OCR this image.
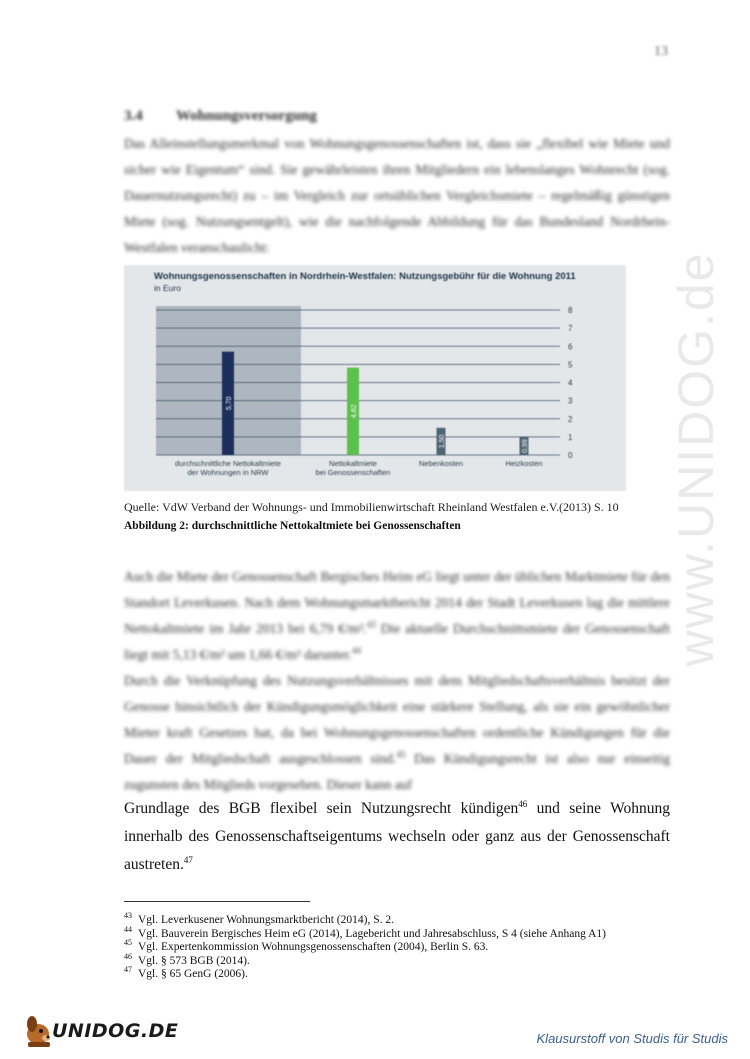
13
3.4 Wohnungsversorgung
Das Alleinstellungsmerkmal von Wohnungsgenossenschaften ist, dass sie „flexibel wie Miete und sicher wie Eigentum“ sind. Sie gewährleisten ihren Mitgliedern ein lebenslanges Wohnrecht (sog. Dauernutzungsrecht) zu – im Vergleich zur ortsüblichen Vergleichsmiete – regelmäßig günstigen Miete (sog. Nutzungsentgelt), wie die nachfolgende Abbildung für das Bundesland Nordrhein-Westfalen veranschaulicht:
Wohnungsgenossenschaften in Nordrhein-Westfalen: Nutzungsgebühr für die Wohnung 2011
in Euro
0
1
2
3
4
5
6
7
8
5,70
4,82
1,50	0,99
durchschnittliche Nettokaltmiete
der Wohnungen in NRW
Nettokaltmiete
bei Genossenschaften
Nebenkosten	Heizkosten
Quelle: VdW Verband der Wohnungs- und Immobilienwirtschaft Rheinland Westfalen e.V.(2013) S. 10
Abbildung 2: durchschnittliche Nettokaltmiete bei Genossenschaften
Auch die Miete der Genossenschaft Bergisches Heim eG liegt unter der üblichen Marktmiete für den Standort Leverkusen. Nach dem Wohnungsmarktbericht 2014 der Stadt Leverkusen lag die mittlere Nettokaltmiete im Jahr 2013 bei 6,79 €/m².$^{43}$ Die aktuelle Durchschnittsmiete der Genossenschaft liegt mit 5,13 €/m² um 1,66 €/m² darunter.$^{44}$
Durch die Verknüpfung des Nutzungsverhältnisses mit dem Mitgliedschaftsverhältnis besitzt der Genosse hinsichtlich der Kündigungsmöglichkeit eine stärkere Stellung, als sie ein gewöhnlicher Mieter kraft Gesetzes hat, da bei Wohnungsgenossenschaften ordentliche Kündigungen für die Dauer der Mitgliedschaft ausgeschlossen sind.$^{45}$ Das Kündigungsrecht ist also nur einseitig zugunsten des Mitglieds vorgesehen. Dieser kann auf
Grundlage des BGB flexibel sein Nutzungsrecht kündigen$^{46}$ und seine Wohnung innerhalb des Genossenschaftseigentums wechseln oder ganz aus der Genossenschaft austreten.$^{47}$
$^{43}$ Vgl. Leverkusener Wohnungsmarktbericht (2014), S. 2.
$^{44}$ Vgl. Bauverein Bergisches Heim eG (2014), Lagebericht und Jahresabschluss, S 4 (siehe Anhang A1)
$^{45}$ Vgl. Expertenkommission Wohnungsgenossenschaften (2004), Berlin S. 63.
$^{46}$ Vgl. § 573 BGB (2014).
$^{47}$ Vgl. § 65 GenG (2006).
www.UNIDOG.de
UNIDOG.DE	Klausurstoff von Studis für Studis
